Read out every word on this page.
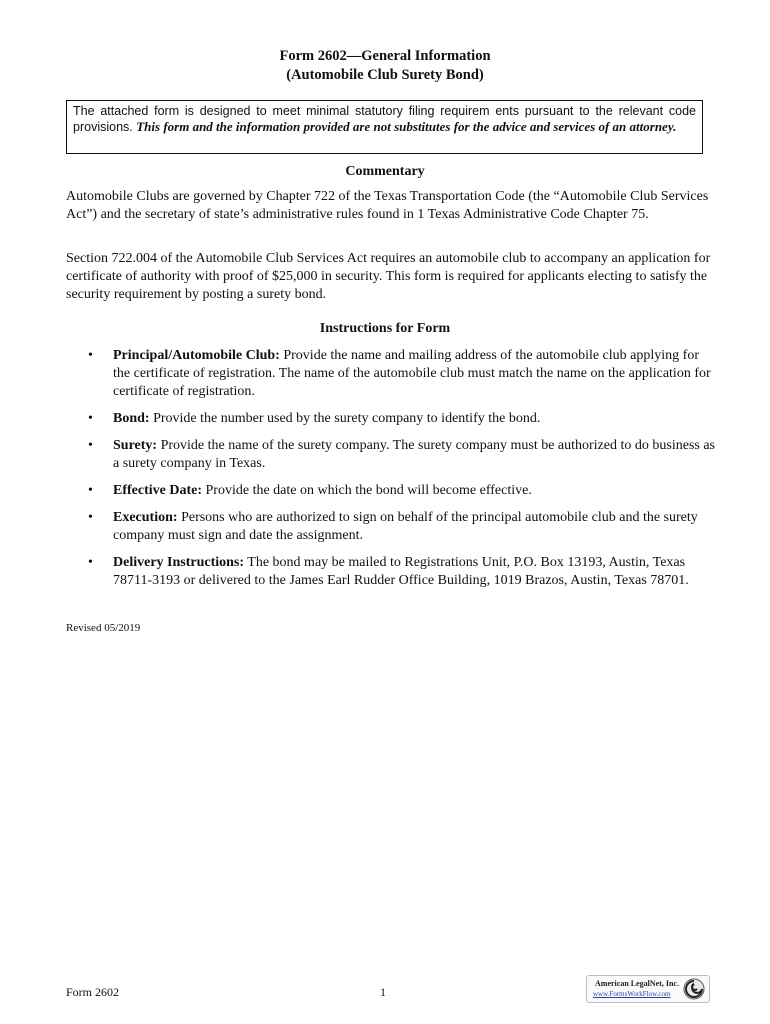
Form 2602—General Information
(Automobile Club Surety Bond)
The attached form is designed to meet minimal statutory filing requirem ents pursuant to the relevant code provisions. This form and the information provided are not substitutes for the advice and services of an attorney.
Commentary
Automobile Clubs are governed by Chapter 722 of the Texas Transportation Code (the “Automobile Club Services Act”) and the secretary of state’s administrative rules found in 1 Texas Administrative Code Chapter 75.
Section 722.004 of the Automobile Club Services Act requires an automobile club to accompany an application for certificate of authority with proof of $25,000 in security. This form is required for applicants electing to satisfy the security requirement by posting a surety bond.
Instructions for Form
• Principal/Automobile Club: Provide the name and mailing address of the automobile club applying for the certificate of registration. The name of the automobile club must match the name on the application for certificate of registration.
• Bond: Provide the number used by the surety company to identify the bond.
• Surety: Provide the name of the surety company. The surety company must be authorized to do business as a surety company in Texas.
• Effective Date: Provide the date on which the bond will become effective.
• Execution: Persons who are authorized to sign on behalf of the principal automobile club and the surety company must sign and date the assignment.
• Delivery Instructions: The bond may be mailed to Registrations Unit, P.O. Box 13193, Austin, Texas 78711-3193 or delivered to the James Earl Rudder Office Building, 1019 Brazos, Austin, Texas 78701.
Revised 05/2019
Form 2602	1
American LegalNet, Inc.
www.FormsWorkFlow.com
